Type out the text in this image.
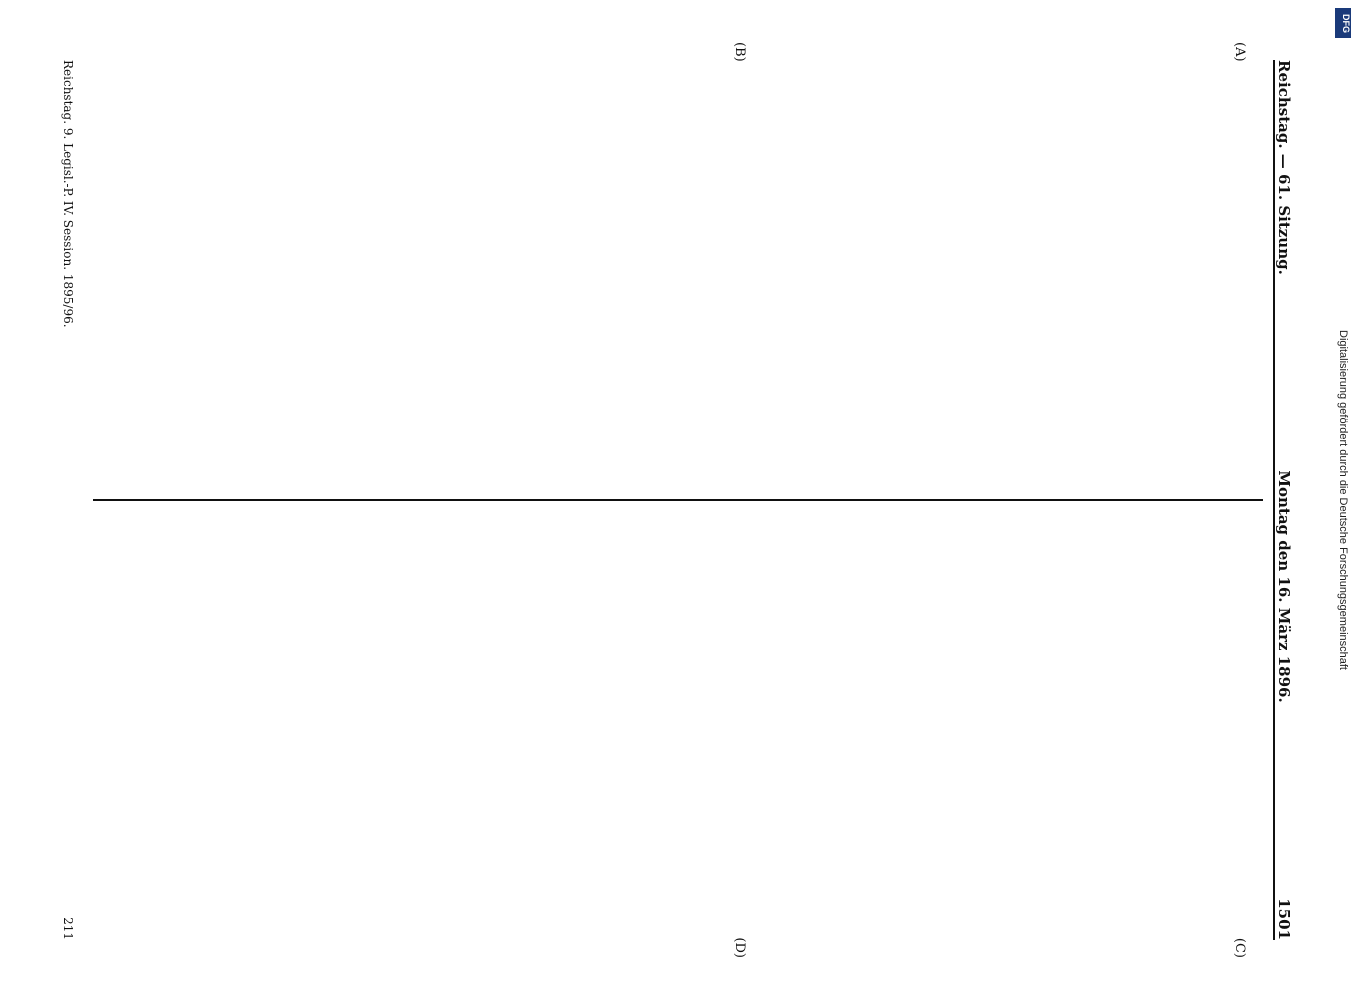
Reichstag. — 61. Sitzung.
Montag den 16. März 1896.
1501
(A)
(B)
(C)
(D)
Reichstag. 9. Legisl.-P. IV. Session. 1895/96.
211
DFG
Digitalisierung gefördert durch die Deutsche Forschungsgemeinschaft
